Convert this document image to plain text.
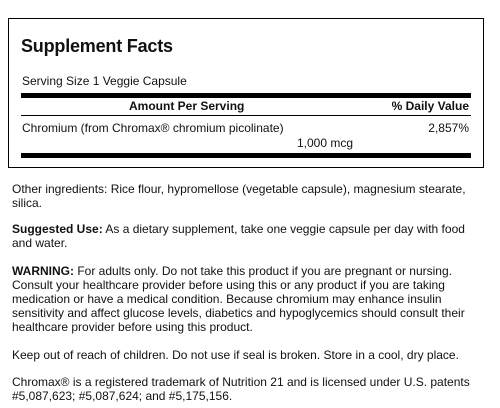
Supplement Facts
Serving Size 1 Veggie Capsule
Amount Per Serving	% Daily Value
Chromium (from Chromax® chromium picolinate)	2,857%
1,000 mcg

Other ingredients: Rice flour, hypromellose (vegetable capsule), magnesium stearate, silica.

Suggested Use: As a dietary supplement, take one veggie capsule per day with food and water.

WARNING: For adults only. Do not take this product if you are pregnant or nursing. Consult your healthcare provider before using this or any product if you are taking medication or have a medical condition. Because chromium may enhance insulin sensitivity and affect glucose levels, diabetics and hypoglycemics should consult their healthcare provider before using this product.

Keep out of reach of children. Do not use if seal is broken. Store in a cool, dry place.

Chromax® is a registered trademark of Nutrition 21 and is licensed under U.S. patents #5,087,623; #5,087,624; and #5,175,156.
